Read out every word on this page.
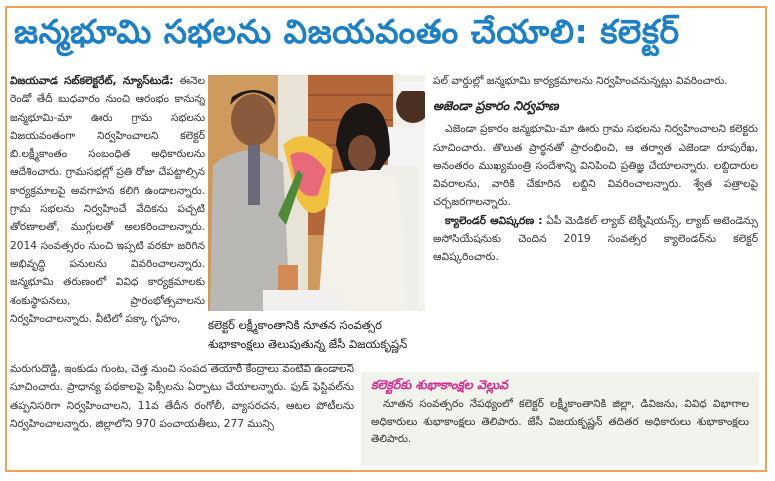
జన్మభూమి సభలను విజయవంతం చేయాలి: కలెక్టర్

విజయవాడ సబ్‌కలెక్టరేట్, న్యూస్‌టుడే: ఈనెల రెండో తేదీ బుధవారం నుంచి ఆరంభం కానున్న జన్మభూమి-మా ఊరు గ్రామ సభలను విజయవంతంగా నిర్వహించాలని కలెక్టర్ బి.లక్ష్మీకాంతం సంబంధిత అధికారులను ఆదేశించారు. గ్రామసభల్లో ప్రతి రోజు చేపట్టాల్సిన కార్యక్రమాలపై అవగాహన కలిగి ఉండాలన్నారు. గ్రామ సభలను నిర్వహించే వేదికను పచ్చటి తోరణాలతో, ముగ్గులతో అలకరించాలన్నారు. 2014 సంవత్సరం నుంచి ఇప్పటి వరకూ జరిగిన అభివృద్ధి పనులను వివరించాలన్నారు. జన్మభూమి తరుణంలో వివిధ కార్యక్రమాలకు శంకుస్థాపనలు, ప్రారంభోత్సవాలను నిర్వహించాలన్నారు. వీటిలో పక్కా గృహం,	కలెక్టర్ లక్ష్మీకాంతానికి నూతన సంవత్సర శుభాకాంక్షలు తెలుపుతున్న జేసీ విజయకృష్ణన్

మరుగుదొడ్డి, ఇంకుడు గుంట, చెత్త నుంచి సంపద తయారీ కేంద్రాలు వంటివి ఉండాలని సూచించారు. ప్రాధాన్య పథకాలపై ఫెక్సీలను ఏర్పాటు చేయాలన్నారు. ఫుడ్ ఫెస్టివల్‌ను తప్పనిసరిగా నిర్వహించాలని, 11వ తేదీన రంగోలీ, వ్యాసరచన, ఆటల పోటీలను నిర్వహించాలన్నారు. జిల్లాలోని 970 పంచాయతీలు, 277 మున్సి

పల్ వార్డుల్లో జన్మభూమి కార్యక్రమాలను నిర్వహించనున్నట్లు వివరించారు.

అజెండా ప్రకారం నిర్వహణ

ఎజెండా ప్రకారం జన్మభూమి-మా ఊరు గ్రామ సభలను నిర్వహించాలని కలెక్టరు సూచించారు. తొలుత ప్రార్థనతో ప్రారంభించి, ఆ తర్వాత ఎజెండా రూపురేఖ, అనంతరం ముఖ్యమంత్రి సందేశాన్ని వినిపించి ప్రతిజ్ఞ చేయాలన్నారు. లబ్దిదారుల వివరాలను, వారికి చేకూరిన లబ్దిని వివరించాలన్నారు. శ్వేత పత్రాలపై చర్చజరగాలన్నారు.

క్యాలెండర్ ఆవిష్కరణ : ఏపీ మెడికల్ ల్యాబ్ టెక్నీషియన్స్, ల్యాబ్ అటెండెన్సు అసోసియేషనుకు చెందిన 2019 సంవత్సర క్యాలెండర్‌ను కలెక్టర్ ఆవిష్కరించారు.

కలెక్టర్‌కు శుభాకాంక్షల వెల్లువ
నూతన సంవత్సరం నేపథ్యంలో కలెక్టర్ లక్ష్మీకాంతానికి జిల్లా, డివిజను, వివిధ విభాగాల అధికారులు శుభాకాంక్షలు తెలిపారు. జేసీ విజయకృష్ణన్ తదితర అధికారులు శుభాకాంక్షలు తెలిపారు.
